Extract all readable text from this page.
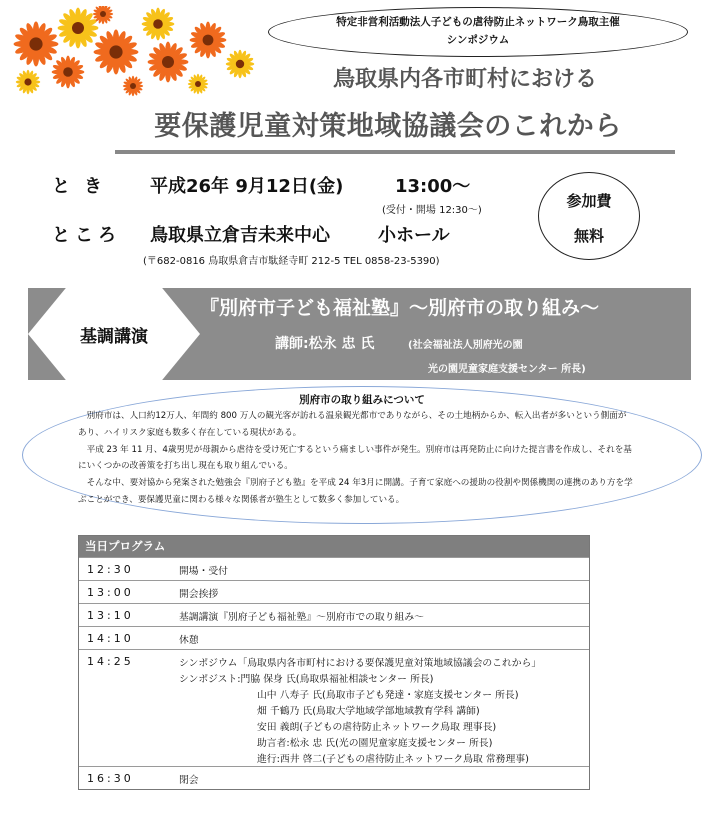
特定非営利活動法人子どもの虐待防止ネットワーク鳥取主催
シンポジウム
鳥取県内各市町村における
要保護児童対策地域協議会のこれから
とき 平成26年 9月12日(金)	13:00〜
(受付・開場 12:30〜)
ところ 鳥取県立倉吉未来中心	小ホール
(〒682-0816 鳥取県倉吉市駄経寺町 212-5 TEL 0858-23-5390)
参加費
無料
基調講演
『別府市子ども福祉塾』〜別府市の取り組み〜
講師:松永 忠 氏	(社会福祉法人別府光の園
光の園児童家庭支援センター 所長)
別府市の取り組みについて

別府市は、人口約12万人、年間約 800 万人の観光客が訪れる温泉観光都市でありながら、その土地柄からか、転入出者が多いという側面があり、ハイリスク家庭も数多く存在している現状がある。

平成 23 年 11 月、4歳男児が母親から虐待を受け死亡するという痛ましい事件が発生。別府市は再発防止に向けた提言書を作成し、それを基にいくつかの改善策を打ち出し現在も取り組んでいる。

そんな中、要対協から発案された勉強会『別府子ども塾』を平成 24 年3月に開講。子育て家庭への援助の役割や関係機関の連携のあり方を学ぶことができ、要保護児童に関わる様々な関係者が塾生として数多く参加している。

当日プログラム
12:30	開場・受付
13:00	開会挨拶
13:10	基調講演『別府子ども福祉塾』〜別府市での取り組み〜
14:10	休憩
14:25	シンポジウム「鳥取県内各市町村における要保護児童対策地域協議会のこれから」
シンポジスト:門脇 保身 氏(鳥取県福祉相談センター 所長)
山中 八寿子 氏(鳥取市子ども発達・家庭支援センター 所長)
畑 千鶴乃 氏(鳥取大学地域学部地域教育学科 講師)
安田 義朗(子どもの虐待防止ネットワーク鳥取 理事長)
助言者:松永 忠 氏(光の園児童家庭支援センター 所長)
進行:西井 啓二(子どもの虐待防止ネットワーク鳥取 常務理事)
16:30	閉会
